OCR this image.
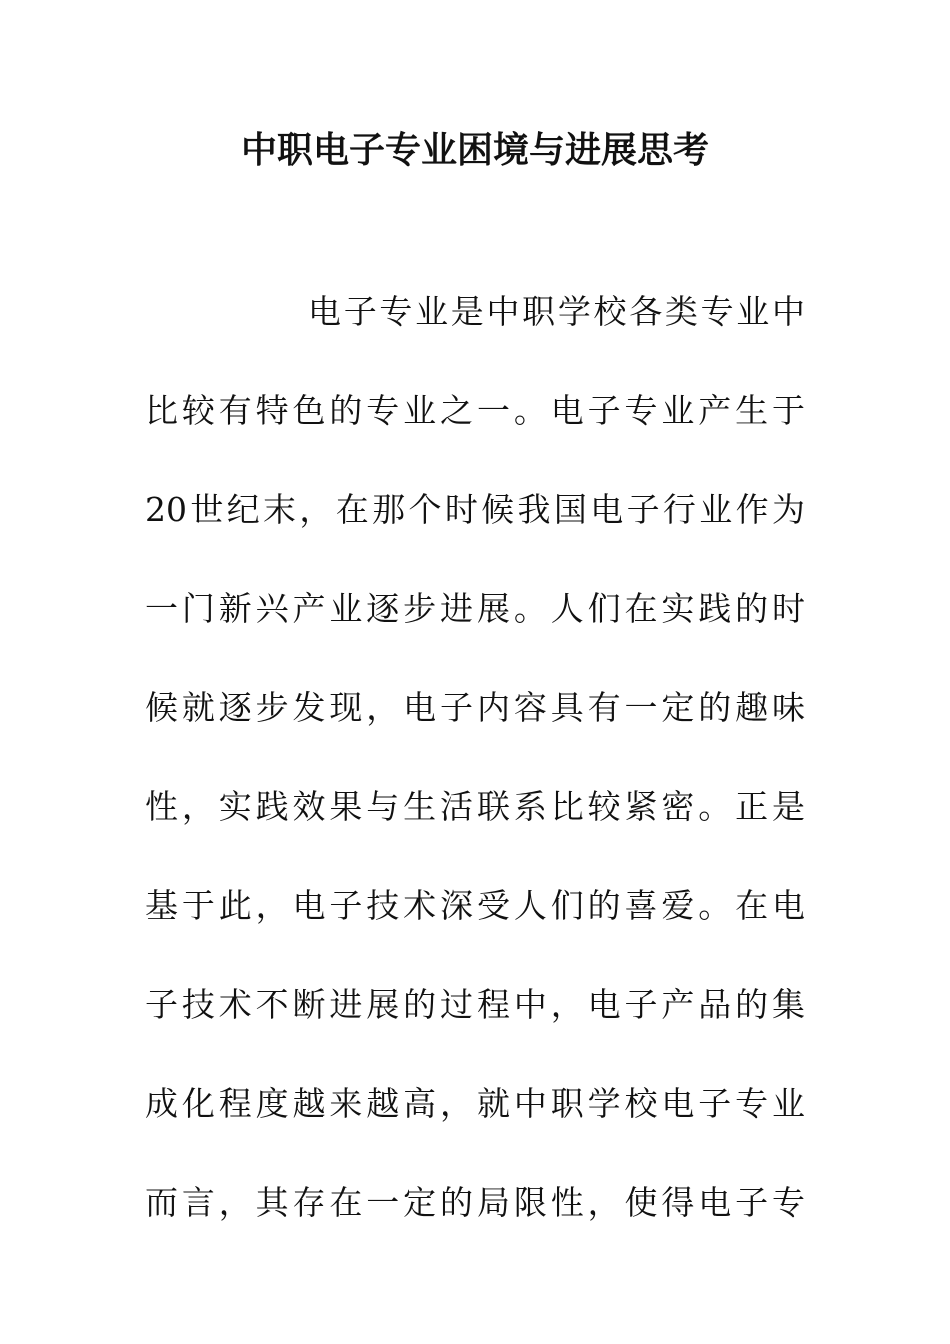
中职电子专业困境与进展思考
电子专业是中职学校各类专业中
比较有特色的专业之一。电子专业产生于
20世纪末，在那个时候我国电子行业作为
一门新兴产业逐步进展。人们在实践的时
候就逐步发现，电子内容具有一定的趣味
性，实践效果与生活联系比较紧密。正是
基于此，电子技术深受人们的喜爱。在电
子技术不断进展的过程中，电子产品的集
成化程度越来越高，就中职学校电子专业
而言，其存在一定的局限性，使得电子专
